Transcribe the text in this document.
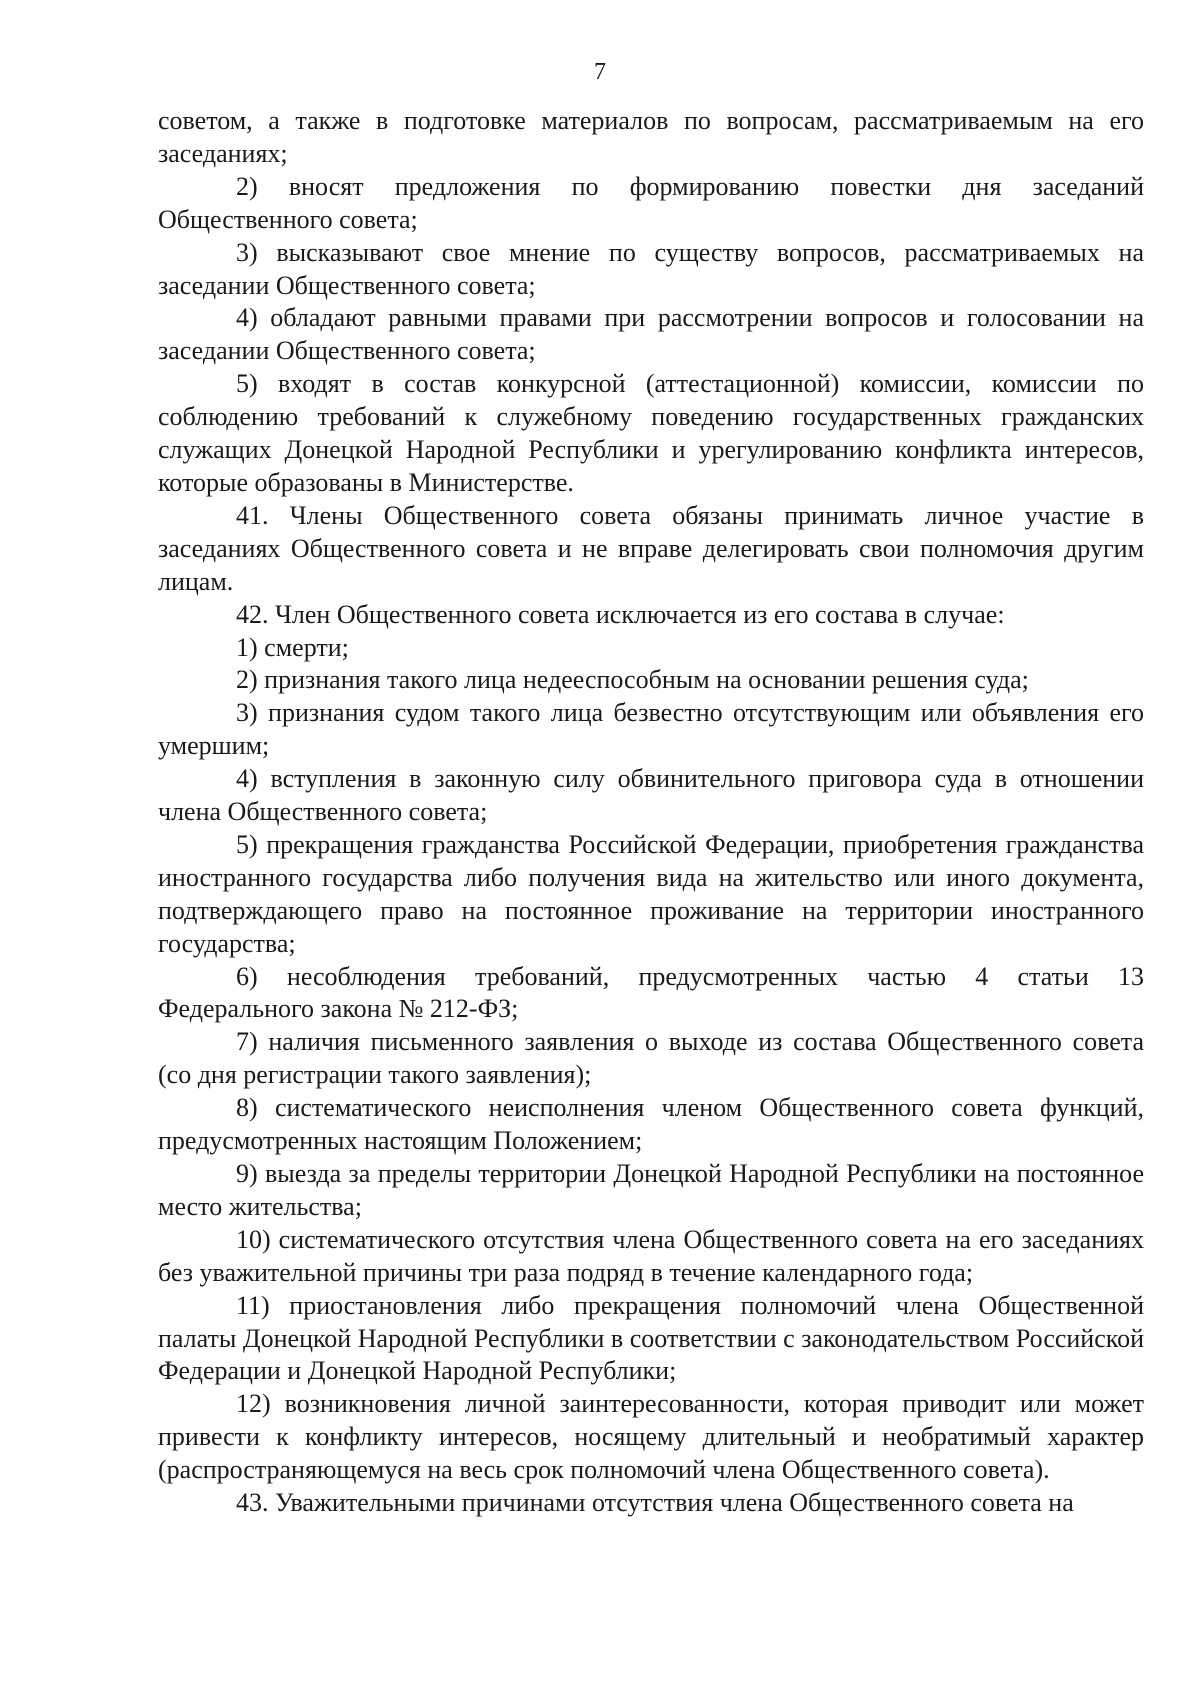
7

советом, а также в подготовке материалов по вопросам, рассматриваемым на его заседаниях;

2) вносят предложения по формированию повестки дня заседаний Общественного совета;

3) высказывают свое мнение по существу вопросов, рассматриваемых на заседании Общественного совета;

4) обладают равными правами при рассмотрении вопросов и голосовании на заседании Общественного совета;

5) входят в состав конкурсной (аттестационной) комиссии, комиссии по соблюдению требований к служебному поведению государственных гражданских служащих Донецкой Народной Республики и урегулированию конфликта интересов, которые образованы в Министерстве.

41. Члены Общественного совета обязаны принимать личное участие в заседаниях Общественного совета и не вправе делегировать свои полномочия другим лицам.

42. Член Общественного совета исключается из его состава в случае:

1) смерти;

2) признания такого лица недееспособным на основании решения суда;

3) признания судом такого лица безвестно отсутствующим или объявления его умершим;

4) вступления в законную силу обвинительного приговора суда в отношении члена Общественного совета;

5) прекращения гражданства Российской Федерации, приобретения гражданства иностранного государства либо получения вида на жительство или иного документа, подтверждающего право на постоянное проживание на территории иностранного государства;

6) несоблюдения требований, предусмотренных частью 4 статьи 13 Федерального закона № 212-ФЗ;

7) наличия письменного заявления о выходе из состава Общественного совета (со дня регистрации такого заявления);

8) систематического неисполнения членом Общественного совета функций, предусмотренных настоящим Положением;

9) выезда за пределы территории Донецкой Народной Республики на постоянное место жительства;

10) систематического отсутствия члена Общественного совета на его заседаниях без уважительной причины три раза подряд в течение календарного года;

11) приостановления либо прекращения полномочий члена Общественной палаты Донецкой Народной Республики в соответствии с законодательством Российской Федерации и Донецкой Народной Республики;

12) возникновения личной заинтересованности, которая приводит или может привести к конфликту интересов, носящему длительный и необратимый характер (распространяющемуся на весь срок полномочий члена Общественного совета).

43. Уважительными причинами отсутствия члена Общественного совета на
